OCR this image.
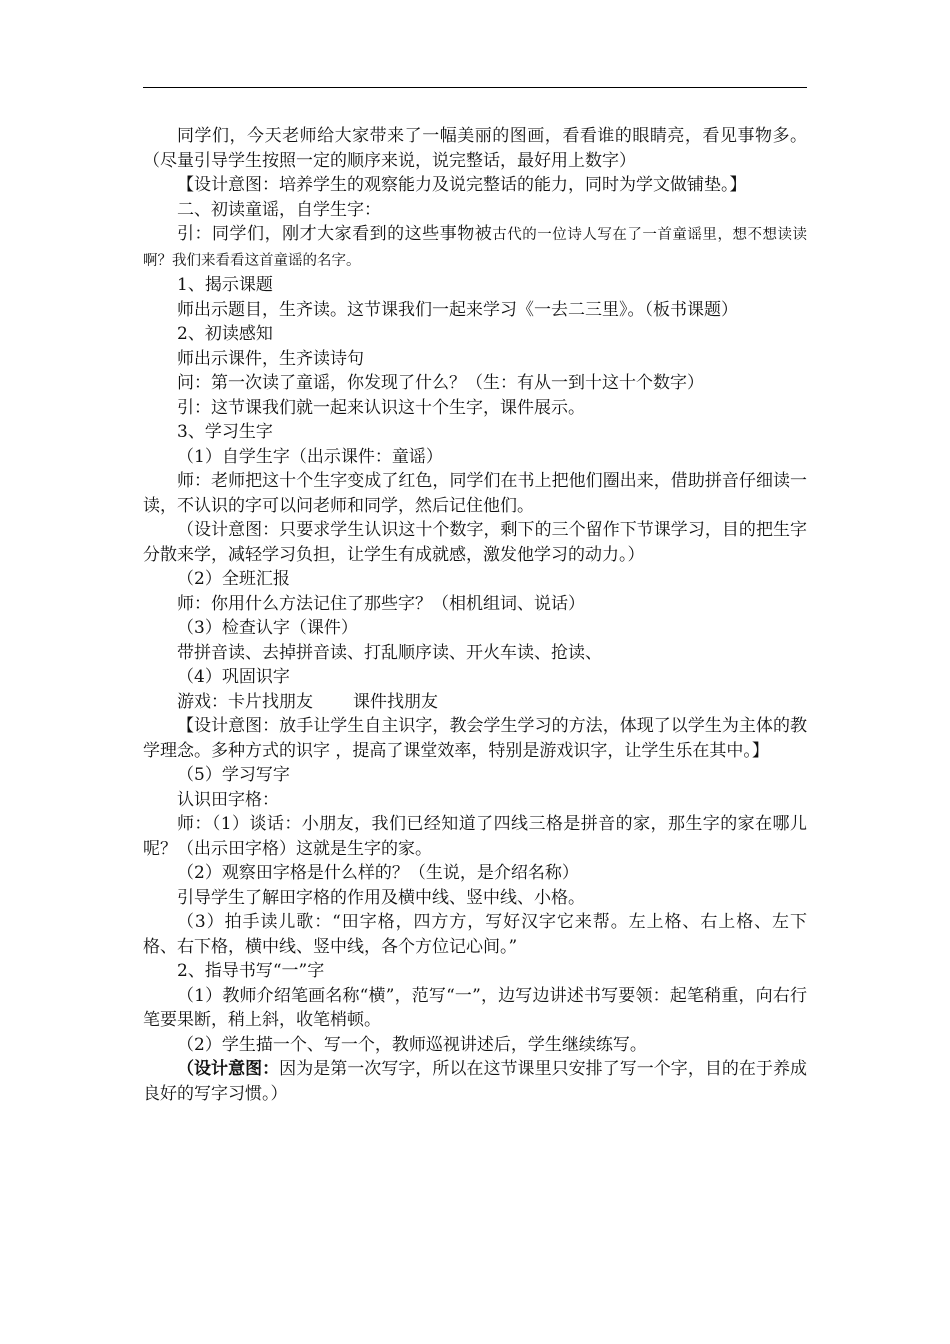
同学们，今天老师给大家带来了一幅美丽的图画，看看谁的眼睛亮，看见事物多。（尽量引导学生按照一定的顺序来说，说完整话，最好用上数字）

【设计意图：培养学生的观察能力及说完整话的能力，同时为学文做铺垫。】

二、初读童谣，自学生字：

引：同学们，刚才大家看到的这些事物被古代的一位诗人写在了一首童谣里，想不想读读啊？我们来看看这首童谣的名字。

1、揭示课题

师出示题目，生齐读。这节课我们一起来学习《一去二三里》。（板书课题）

2、初读感知

师出示课件，生齐读诗句

问：第一次读了童谣，你发现了什么？（生：有从一到十这十个数字）

引：这节课我们就一起来认识这十个生字，课件展示。

3、学习生字

（1）自学生字（出示课件：童谣）

师：老师把这十个生字变成了红色，同学们在书上把他们圈出来，借助拼音仔细读一读，不认识的字可以问老师和同学，然后记住他们。

（设计意图：只要求学生认识这十个数字，剩下的三个留作下节课学习，目的把生字分散来学，减轻学习负担，让学生有成就感，激发他学习的动力。）

（2）全班汇报

师：你用什么方法记住了那些字？（相机组词、说话）

（3）检查认字（课件）

带拼音读、去掉拼音读、打乱顺序读、开火车读、抢读、

（4）巩固识字

游戏：卡片找朋友 课件找朋友

【设计意图：放手让学生自主识字，教会学生学习的方法，体现了以学生为主体的教学理念。多种方式的识字 ，提高了课堂效率，特别是游戏识字，让学生乐在其中。】

（5）学习写字

认识田字格：

师：（1）谈话：小朋友，我们已经知道了四线三格是拼音的家，那生字的家在哪儿呢？（出示田字格）这就是生字的家。

（2）观察田字格是什么样的？（生说，是介绍名称）

引导学生了解田字格的作用及横中线、竖中线、小格。

（3）拍手读儿歌：“田字格，四方方，写好汉字它来帮。左上格、右上格、左下格、右下格，横中线、竖中线，各个方位记心间。”

2、指导书写“一”字

（1）教师介绍笔画名称“横”，范写“一”，边写边讲述书写要领：起笔稍重，向右行笔要果断，稍上斜，收笔梢顿。

（2）学生描一个、写一个，教师巡视讲述后，学生继续练写。

（设计意图：因为是第一次写字，所以在这节课里只安排了写一个字，目的在于养成良好的写字习惯。）
